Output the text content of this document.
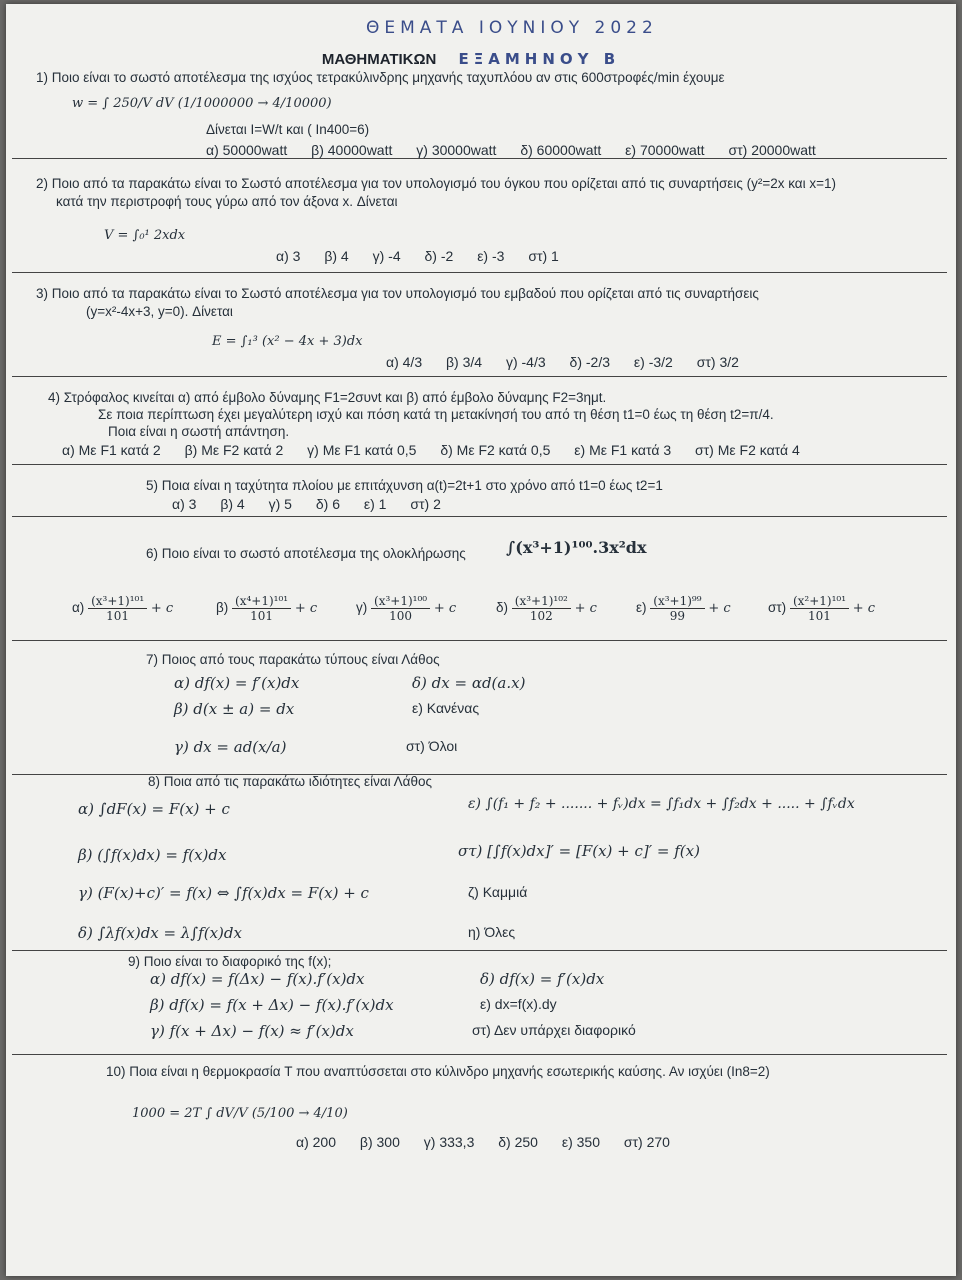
ΘΕΜΑΤΑ ΙΟΥΝΙΟΥ 2022
ΜΑΘΗΜΑΤΙΚΩΝ ΕΞΑΜΗΝΟΥ Β
1) Ποιο είναι το σωστό αποτέλεσμα της ισχύος τετρακύλινδρης μηχανής ταχυπλόου αν στις 600στροφές/min έχουμε
w = ∫ 250/V dV (1/1000000 → 4/10000)
Δίνεται I=W/t και ( In400=6)
α) 50000watt β) 40000watt γ) 30000watt δ) 60000watt ε) 70000watt στ) 20000watt
2) Ποιο από τα παρακάτω είναι το Σωστό αποτέλεσμα για τον υπολογισμό του όγκου που ορίζεται από τις συναρτήσεις (y²=2x και x=1)
κατά την περιστροφή τους γύρω από τον άξονα x. Δίνεται
V = ∫₀¹ 2xdx
α) 3 β) 4 γ) -4 δ) -2 ε) -3 στ) 1
3) Ποιο από τα παρακάτω είναι το Σωστό αποτέλεσμα για τον υπολογισμό του εμβαδού που ορίζεται από τις συναρτήσεις
(y=x²-4x+3, y=0). Δίνεται
E = ∫₁³ (x² − 4x + 3)dx
α) 4/3 β) 3/4 γ) -4/3 δ) -2/3 ε) -3/2 στ) 3/2
4) Στρόφαλος κινείται α) από έμβολο δύναμης F1=2συνt και β) από έμβολο δύναμης F2=3ημt.
Σε ποια περίπτωση έχει μεγαλύτερη ισχύ και πόση κατά τη μετακίνησή του από τη θέση t1=0 έως τη θέση t2=π/4.
Ποια είναι η σωστή απάντηση.
α) Με F1 κατά 2 β) Με F2 κατά 2 γ) Με F1 κατά 0,5 δ) Με F2 κατά 0,5 ε) Με F1 κατά 3 στ) Με F2 κατά 4
5) Ποια είναι η ταχύτητα πλοίου με επιτάχυνση α(t)=2t+1 στο χρόνο από t1=0 έως t2=1
α) 3 β) 4 γ) 5 δ) 6 ε) 1 στ) 2
6) Ποιο είναι το σωστό αποτέλεσμα της ολοκλήρωσης	∫(x³+1)¹⁰⁰.3x²dx
$\alpha) \frac{\text{(x³+1)¹⁰¹}}{101} + c$	$\beta) \frac{\text{(x⁴+1)¹⁰¹}}{101} + c$	$\gamma) \frac{\text{(x³+1)¹⁰⁰}}{100} + c$	$\delta) \frac{\text{(x³+1)¹⁰²}}{102} + c$	$\varepsilon) \frac{\text{(x³+1)⁹⁹}}{99} + c$	$\sigma\tau) \frac{\text{(x²+1)¹⁰¹}}{101} + c$
7) Ποιος από τους παρακάτω τύπους είναι Λάθος
α) df(x) = f′(x)dx
β) d(x ± a) = dx
γ) dx = ad(x/a)
δ) dx = αd(a.x)
ε) Κανένας
στ) Όλοι
8) Ποια από τις παρακάτω ιδιότητες είναι Λάθος
α) ∫dF(x) = F(x) + c
β) (∫f(x)dx) = f(x)dx
γ) (F(x)+c)′ = f(x) ⇔ ∫f(x)dx = F(x) + c
δ) ∫λf(x)dx = λ∫f(x)dx
ε) ∫(f₁ + f₂ + ....... + fᵥ)dx = ∫f₁dx + ∫f₂dx + ..... + ∫fᵥdx
στ) [∫f(x)dx]′ = [F(x) + c]′ = f(x)
ζ) Καμμιά
η) Όλες
9) Ποιο είναι το διαφορικό της f(x);
α) df(x) = f(Δx) − f(x).f′(x)dx
β) df(x) = f(x + Δx) − f(x).f′(x)dx
γ) f(x + Δx) − f(x) ≈ f′(x)dx
δ) df(x) = f′(x)dx
ε) dx=f(x).dy
στ) Δεν υπάρχει διαφορικό
10) Ποια είναι η θερμοκρασία T που αναπτύσσεται στο κύλινδρο μηχανής εσωτερικής καύσης. Αν ισχύει (In8=2)
1000 = 2T ∫ dV/V (5/100 → 4/10)
α) 200 β) 300 γ) 333,3 δ) 250 ε) 350 στ) 270
